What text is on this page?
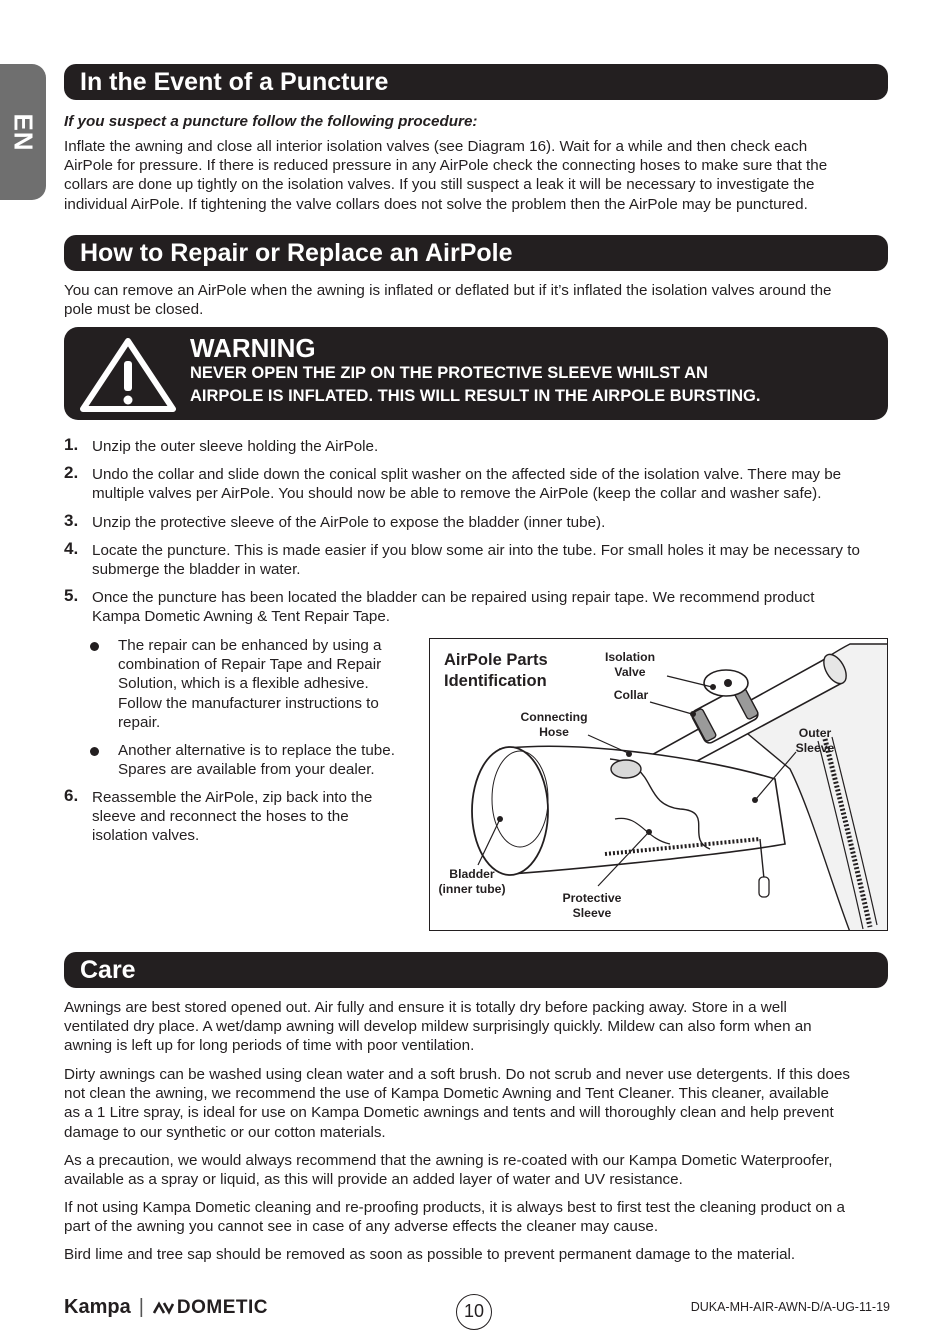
EN
In the Event of a Puncture
If you suspect a puncture follow the following procedure:
Inflate the awning and close all interior isolation valves (see Diagram 16). Wait for a while and then check each
AirPole for pressure. If there is reduced pressure in any AirPole check the connecting hoses to make sure that the
collars are done up tightly on the isolation valves. If you still suspect a leak it will be necessary to investigate the
individual AirPole. If tightening the valve collars does not solve the problem then the AirPole may be punctured.
How to Repair or Replace an AirPole
You can remove an AirPole when the awning is inflated or deflated but if it’s inflated the isolation valves around the
pole must be closed.
WARNING
NEVER OPEN THE ZIP ON THE PROTECTIVE SLEEVE WHILST AN
AIRPOLE IS INFLATED. THIS WILL RESULT IN THE AIRPOLE BURSTING.
1. Unzip the outer sleeve holding the AirPole.
2. Undo the collar and slide down the conical split washer on the affected side of the isolation valve. There may be
multiple valves per AirPole. You should now be able to remove the AirPole (keep the collar and washer safe).
3. Unzip the protective sleeve of the AirPole to expose the bladder (inner tube).
4. Locate the puncture. This is made easier if you blow some air into the tube. For small holes it may be necessary to
submerge the bladder in water.
5. Once the puncture has been located the bladder can be repaired using repair tape. We recommend product
Kampa Dometic Awning & Tent Repair Tape.
The repair can be enhanced by using a
combination of Repair Tape and Repair
Solution, which is a flexible adhesive.
Follow the manufacturer instructions to
repair.
Another alternative is to replace the tube.
Spares are available from your dealer.
6. Reassemble the AirPole, zip back into the
sleeve and reconnect the hoses to the
isolation valves.
AirPole Parts
Identification
Isolation
Valve
Collar
Connecting
Hose	Outer
Sleeve
Bladder
(inner tube)
Protective
Sleeve
Care
Awnings are best stored opened out. Air fully and ensure it is totally dry before packing away. Store in a well
ventilated dry place. A wet/damp awning will develop mildew surprisingly quickly. Mildew can also form when an
awning is left up for long periods of time with poor ventilation.
Dirty awnings can be washed using clean water and a soft brush. Do not scrub and never use detergents. If this does
not clean the awning, we recommend the use of Kampa Dometic Awning and Tent Cleaner. This cleaner, available
as a 1 Litre spray, is ideal for use on Kampa Dometic awnings and tents and will thoroughly clean and help prevent
damage to our synthetic or our cotton materials.
As a precaution, we would always recommend that the awning is re-coated with our Kampa Dometic Waterproofer,
available as a spray or liquid, as this will provide an added layer of water and UV resistance.
If not using Kampa Dometic cleaning and re-proofing products, it is always best to first test the cleaning product on a
part of the awning you cannot see in case of any adverse effects the cleaner may cause.
Bird lime and tree sap should be removed as soon as possible to prevent permanent damage to the material.
Kampa | DOMETIC	10	DUKA-MH-AIR-AWN-D/A-UG-11-19
